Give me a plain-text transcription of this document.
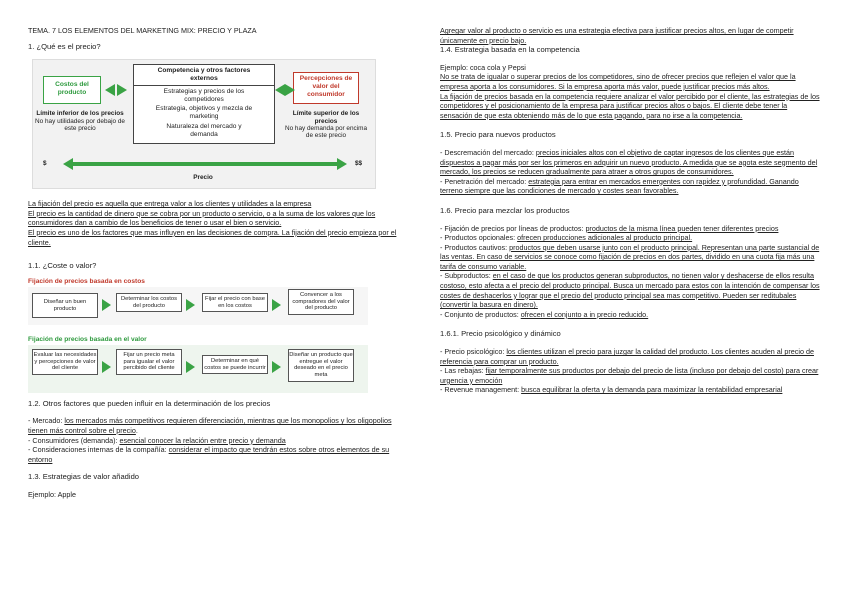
TEMA. 7 LOS ELEMENTOS DEL MARKETING MIX: PRECIO Y PLAZA

1. ¿Qué es el precio?

Costos del producto
Competencia y otros factores externos
Estrategias y precios de los competidores
Estrategia, objetivos y mezcla de marketing
Naturaleza del mercado y demanda
Percepciones de valor del consumidor
Límite inferior de los precios
No hay utilidades por debajo de este precio
Límite superior de los precios
No hay demanda por encima de este precio
$	$$
Precio

La fijación del precio es aquella que entrega valor a los clientes y utilidades a la empresa

El precio es la cantidad de dinero que se cobra por un producto o servicio, o a la suma de los valores que los consumidores dan a cambio de los beneficios de tener o usar el bien o servicio.

El precio es uno de los factores que mas influyen en las decisiones de compra. La fijación del precio empieza por el cliente.

1.1. ¿Coste o valor?

Fijación de precios basada en costos
Diseñar un buen producto
Determinar los costos del producto
Fijar el precio con base en los costos
Convencer a los compradores del valor del producto
Fijación de precios basada en el valor
Evaluar las necesidades y percepciones de valor del cliente
Fijar un precio meta para igualar el valor percibido del cliente
Determinar en qué costos se puede incurrir
Diseñar un producto que entregue el valor deseado en el precio meta

1.2. Otros factores que pueden influir en la determinación de los precios

- Mercado: los mercados más competitivos requieren diferenciación, mientras que los monopolios y los oligopolios tienen más control sobre el precio.

- Consumidores (demanda): esencial conocer la relación entre precio y demanda

- Consideraciones internas de la compañía: considerar el impacto que tendrán estos sobre otros elementos de su entorno

1.3. Estrategias de valor añadido

Ejemplo: Apple

Agregar valor al producto o servicio es una estrategia efectiva para justificar precios altos, en lugar de competir únicamente en precio bajo.

1.4. Estrategia basada en la competencia

Ejemplo: coca cola y Pepsi

No se trata de igualar o superar precios de los competidores, sino de ofrecer precios que reflejen el valor que la empresa aporta a los consumidores. Si la empresa aporta más valor, puede justificar precios más altos.

La fijación de precios basada en la competencia requiere analizar el valor percibido por el cliente, las estrategias de los competidores y el posicionamiento de la empresa para justificar precios altos o bajos. El cliente debe tener la sensación de que esta obteniendo más de lo que esta pagando, para no irse a la competencia.

1.5. Precio para nuevos productos

- Descremación del mercado: precios iniciales altos con el objetivo de captar ingresos de los clientes que están dispuestos a pagar más por ser los primeros en adquirir un nuevo producto. A medida que se agota este segmento del mercado, los precios se reducen gradualmente para atraer a otros grupos de consumidores.

- Penetración del mercado: estrategia para entrar en mercados emergentes con rapidez y profundidad. Ganando terreno siempre que las condiciones de mercado y costes sean favorables.

1.6. Precio para mezclar los productos

- Fijación de precios por líneas de productos: productos de la misma línea pueden tener diferentes precios

- Productos opcionales: ofrecen producciones adicionales al producto principal.

- Productos cautivos: productos que deben usarse junto con el producto principal. Representan una parte sustancial de las ventas. En caso de servicios se conoce como fijación de precios en dos partes, dividido en una cuota fija más una tarifa de consumo variable.

- Subproductos: en el caso de que los productos generan subproductos, no tienen valor y deshacerse de ellos resulta costoso, esto afecta a el precio del producto principal. Busca un mercado para estos con la intención de compensar los costes de deshacerlos y lograr que el precio del producto principal sea mas competitivo. Pueden ser reditubales (convertir la basura en dinero).

- Conjunto de productos: ofrecen el conjunto a in precio reducido.

1.6.1. Precio psicológico y dinámico

- Precio psicológico: los clientes utilizan el precio para juzgar la calidad del producto. Los clientes acuden al precio de referencia para comprar un producto.

- Las rebajas: fijar temporalmente sus productos por debajo del precio de lista (incluso por debajo del costo) para crear urgencia y emoción

- Revenue management: busca equilibrar la oferta y la demanda para maximizar la rentabilidad empresarial
